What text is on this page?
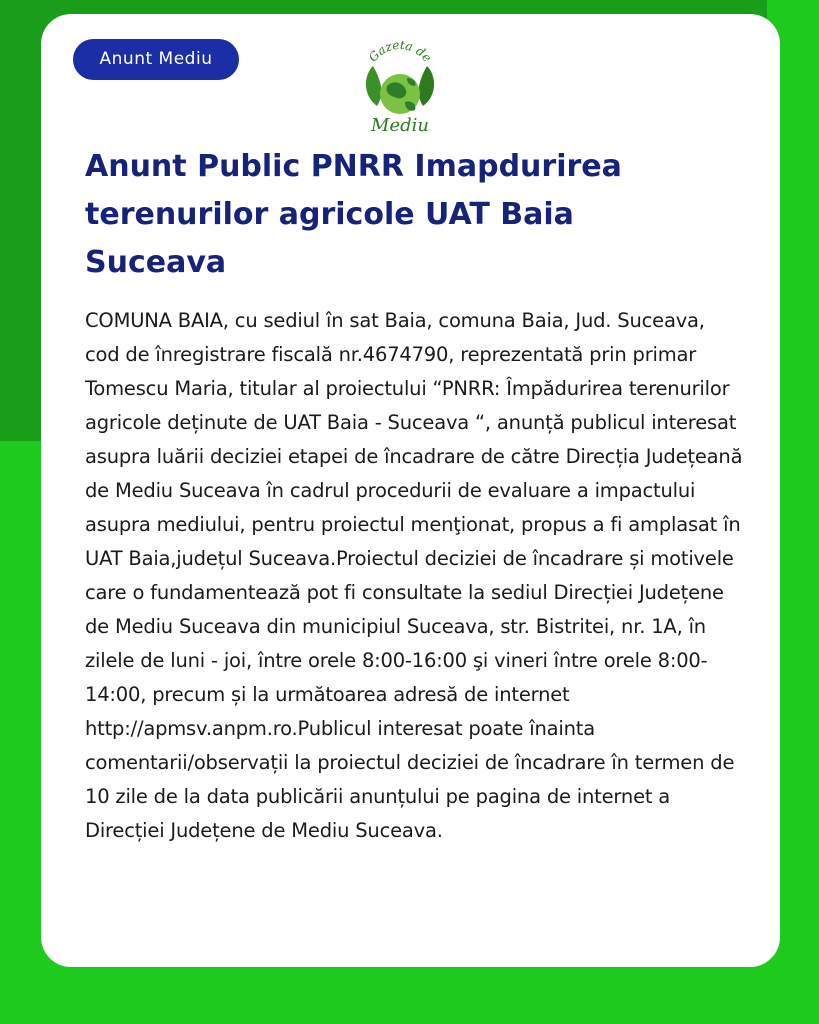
Anunt Mediu	Gazeta de
Mediu
Anunt Public PNRR Imapdurirea terenurilor agricole UAT Baia Suceava

COMUNA BAIA, cu sediul în sat Baia, comuna Baia, Jud. Suceava, cod de înregistrare fiscală nr.4674790, reprezentată prin primar Tomescu Maria, titular al proiectului “PNRR: Împădurirea terenurilor agricole deținute de UAT Baia - Suceava “, anunță publicul interesat asupra luării deciziei etapei de încadrare de către Direcția Județeană de Mediu Suceava în cadrul procedurii de evaluare a impactului asupra mediului, pentru proiectul menţionat, propus a fi amplasat în UAT Baia,județul Suceava.Proiectul deciziei de încadrare și motivele care o fundamentează pot fi consultate la sediul Direcției Județene de Mediu Suceava din municipiul Suceava, str. Bistritei, nr. 1A, în zilele de luni - joi, între orele 8:00-16:00 şi vineri între orele 8:00-14:00, precum și la următoarea adresă de internet http://apmsv.anpm.ro.Publicul interesat poate înainta comentarii/observații la proiectul deciziei de încadrare în termen de 10 zile de la data publicării anunțului pe pagina de internet a Direcției Județene de Mediu Suceava.
